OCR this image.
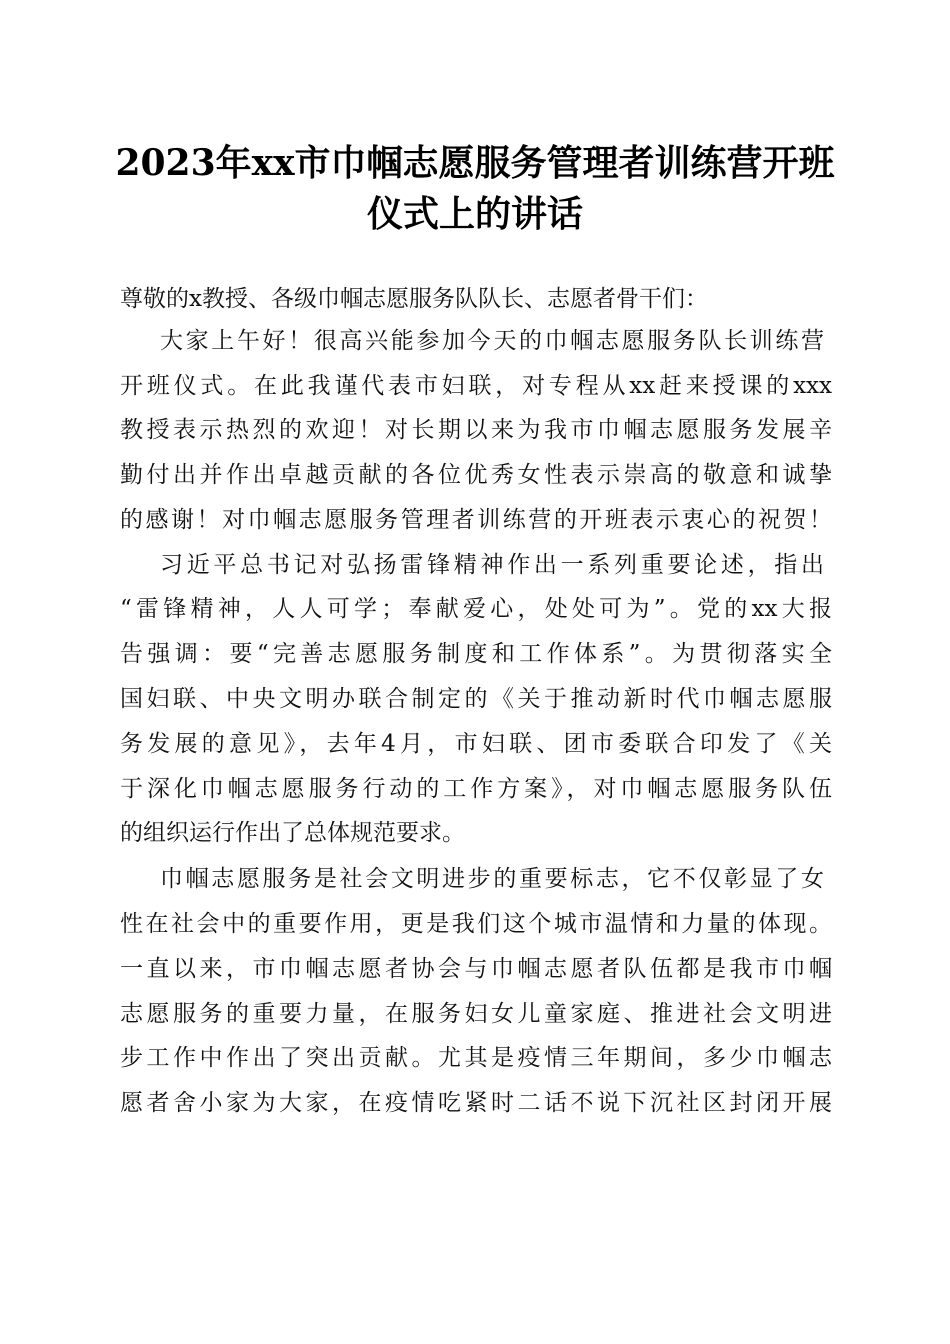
2023年xx市巾帼志愿服务管理者训练营开班
仪式上的讲话
尊敬的x教授、各级巾帼志愿服务队队长、志愿者骨干们：
大家上午好！很高兴能参加今天的巾帼志愿服务队长训练营
开班仪式。在此我谨代表市妇联，对专程从xx赶来授课的xxx
教授表示热烈的欢迎！对长期以来为我市巾帼志愿服务发展辛
勤付出并作出卓越贡献的各位优秀女性表示崇高的敬意和诚挚
的感谢！对巾帼志愿服务管理者训练营的开班表示衷心的祝贺！
习近平总书记对弘扬雷锋精神作出一系列重要论述，指出
“雷锋精神，人人可学；奉献爱心，处处可为”。党的xx大报
告强调：要“完善志愿服务制度和工作体系”。为贯彻落实全
国妇联、中央文明办联合制定的《关于推动新时代巾帼志愿服
务发展的意见》，去年4月，市妇联、团市委联合印发了《关
于深化巾帼志愿服务行动的工作方案》，对巾帼志愿服务队伍
的组织运行作出了总体规范要求。
巾帼志愿服务是社会文明进步的重要标志，它不仅彰显了女
性在社会中的重要作用，更是我们这个城市温情和力量的体现。
一直以来，市巾帼志愿者协会与巾帼志愿者队伍都是我市巾帼
志愿服务的重要力量，在服务妇女儿童家庭、推进社会文明进
步工作中作出了突出贡献。尤其是疫情三年期间，多少巾帼志
愿者舍小家为大家，在疫情吃紧时二话不说下沉社区封闭开展
